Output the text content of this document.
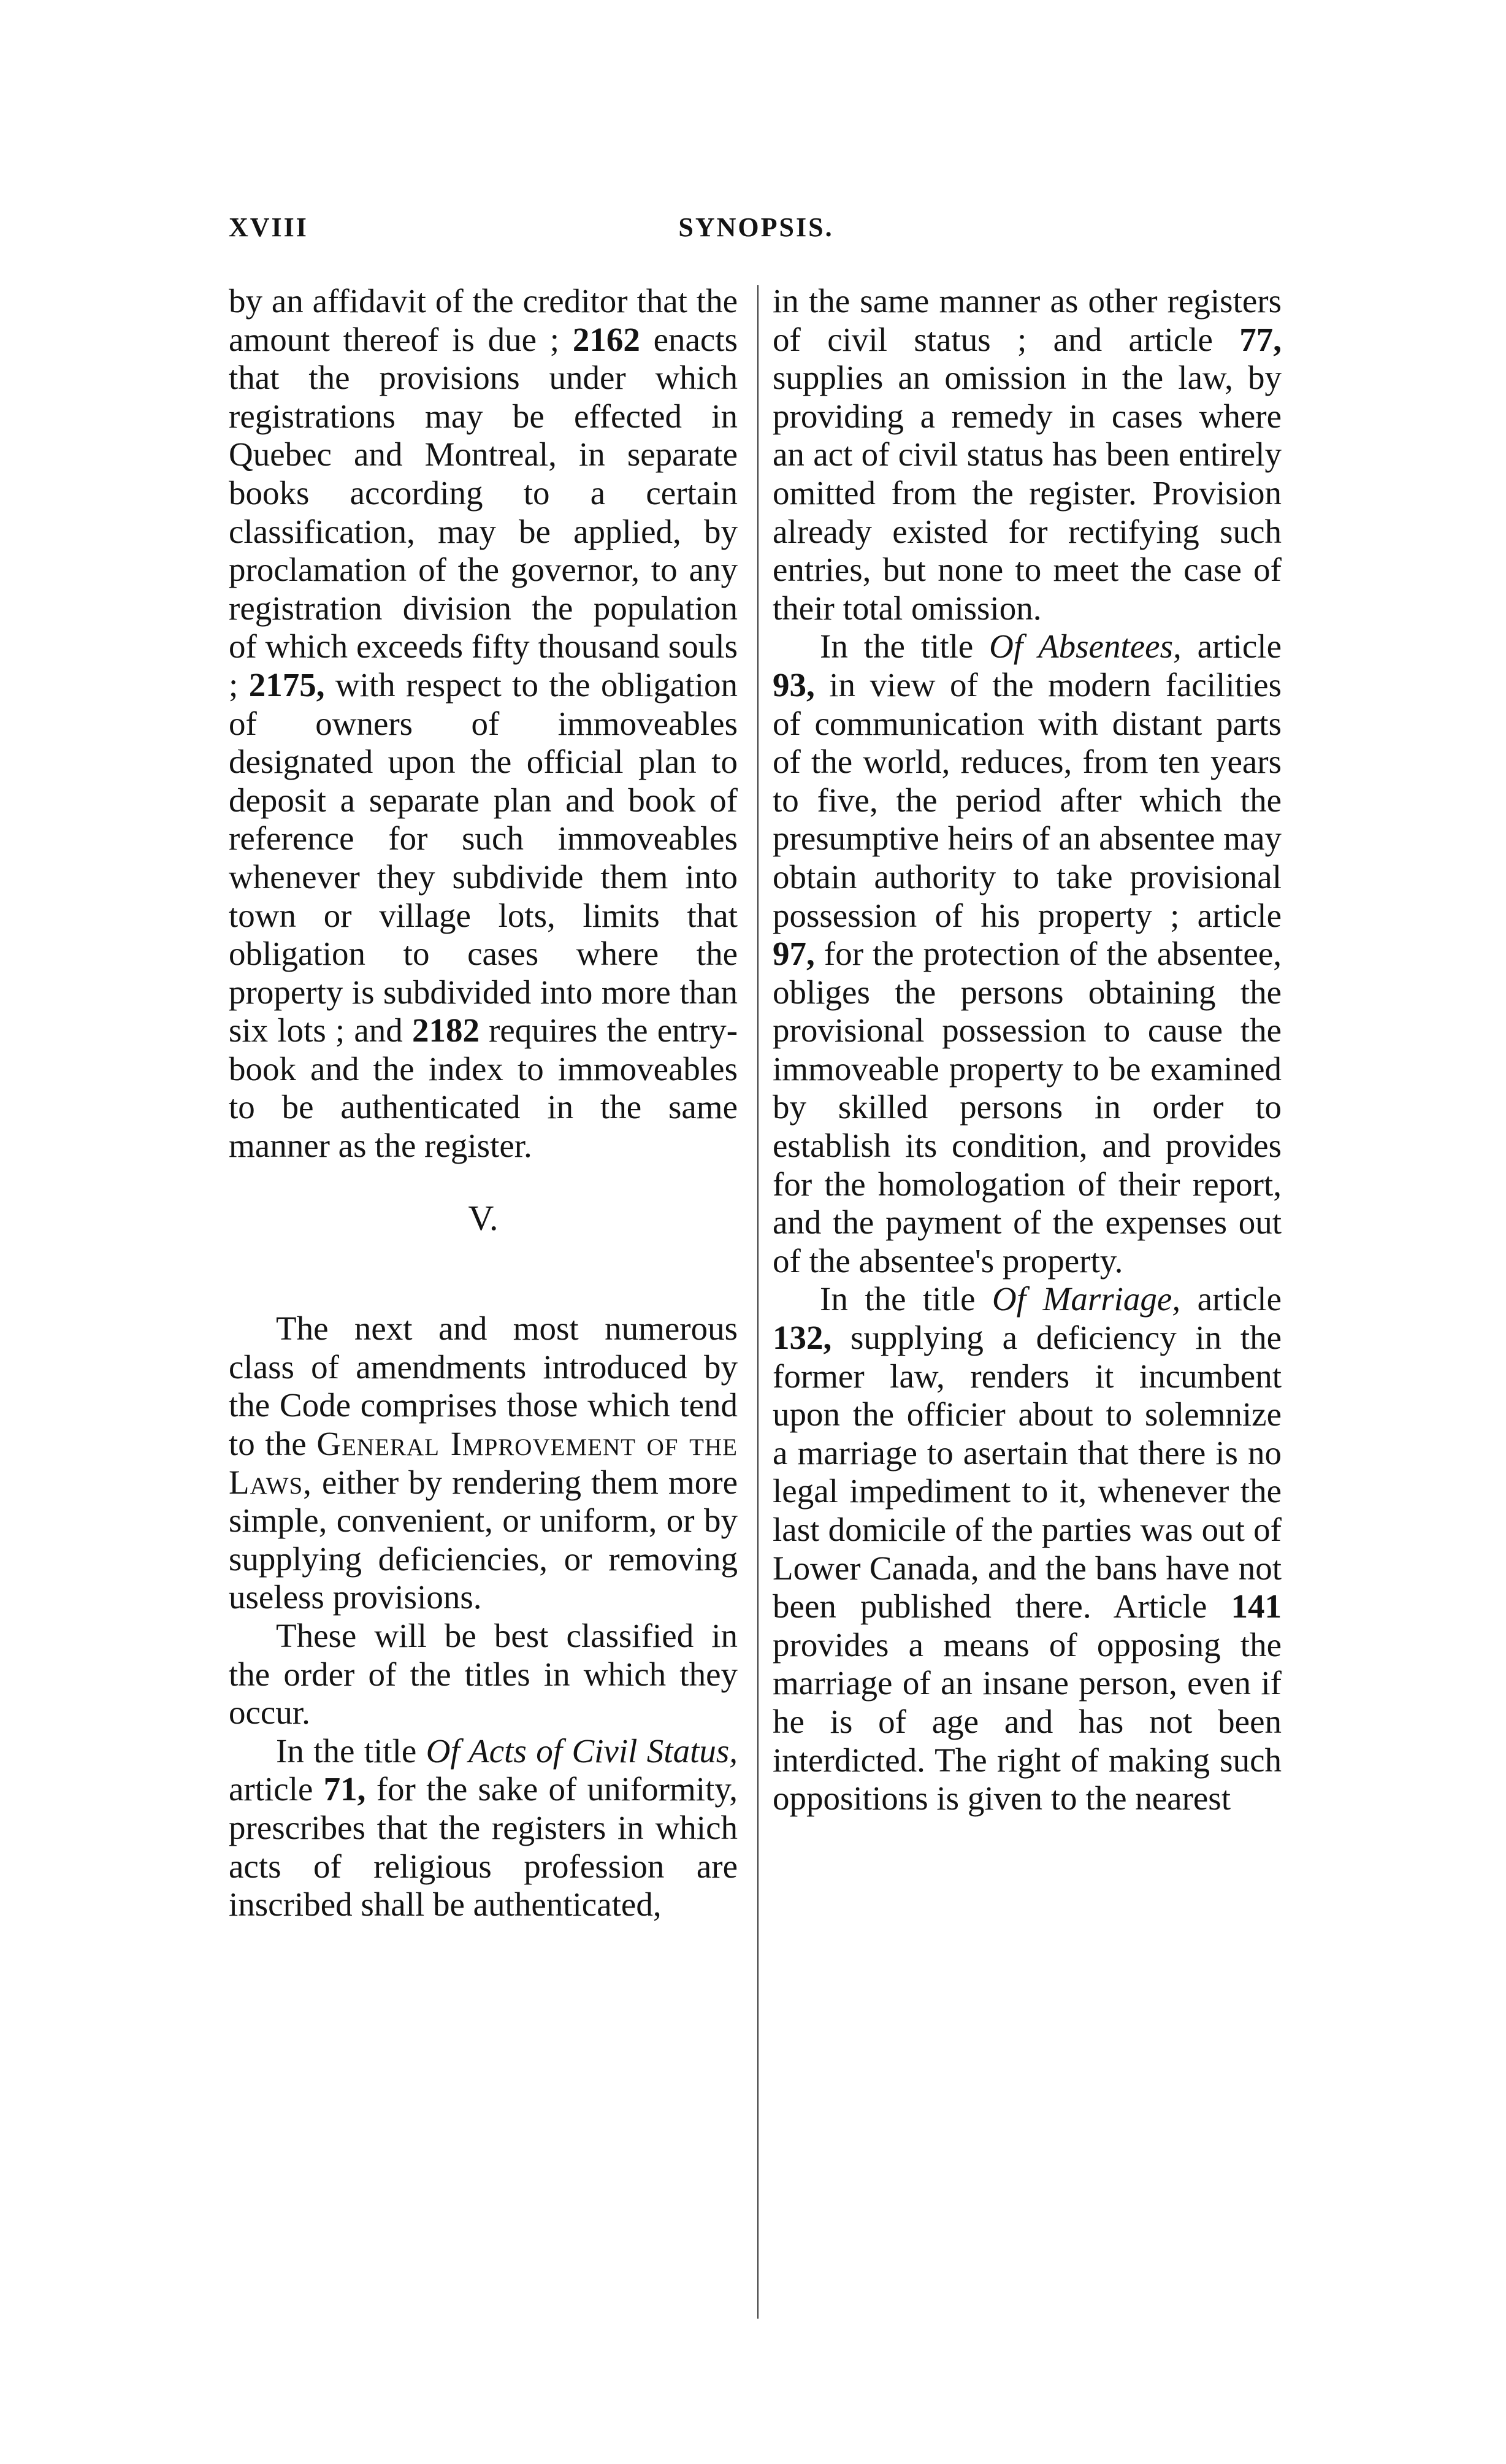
XVIII	SYNOPSIS.

by an affidavit of the creditor that the amount thereof is due ; 2162 enacts that the provisions under which registrations may be effected in Quebec and Montreal, in separate books according to a certain classification, may be applied, by proclamation of the governor, to any registration division the population of which exceeds fifty thousand souls ; 2175, with respect to the obligation of owners of immoveables designated upon the official plan to deposit a separate plan and book of reference for such immoveables whenever they subdivide them into town or village lots, limits that obligation to cases where the property is subdivided into more than six lots ; and 2182 requires the entry-book and the index to immoveables to be authenticated in the same manner as the register.

V.

The next and most numerous class of amendments introduced by the Code comprises those which tend to the General Improvement of the Laws, either by rendering them more simple, convenient, or uniform, or by supplying deficiencies, or removing useless provisions.

These will be best classified in the order of the titles in which they occur.

In the title Of Acts of Civil Status, article 71, for the sake of uniformity, prescribes that the registers in which acts of religious profession are inscribed shall be authenticated,

in the same manner as other registers of civil status ; and article 77, supplies an omission in the law, by providing a remedy in cases where an act of civil status has been entirely omitted from the register. Provision already existed for rectifying such entries, but none to meet the case of their total omission.

In the title Of Absentees, article 93, in view of the modern facilities of communication with distant parts of the world, reduces, from ten years to five, the period after which the presumptive heirs of an absentee may obtain authority to take provisional possession of his property ; article 97, for the protection of the absentee, obliges the persons obtaining the provisional possession to cause the immoveable property to be examined by skilled persons in order to establish its condition, and provides for the homologation of their report, and the payment of the expenses out of the absentee's property.

In the title Of Marriage, article 132, supplying a deficiency in the former law, renders it incumbent upon the officier about to solemnize a marriage to asertain that there is no legal impediment to it, whenever the last domicile of the parties was out of Lower Canada, and the bans have not been published there. Article 141 provides a means of opposing the marriage of an insane person, even if he is of age and has not been interdicted. The right of making such oppositions is given to the nearest
